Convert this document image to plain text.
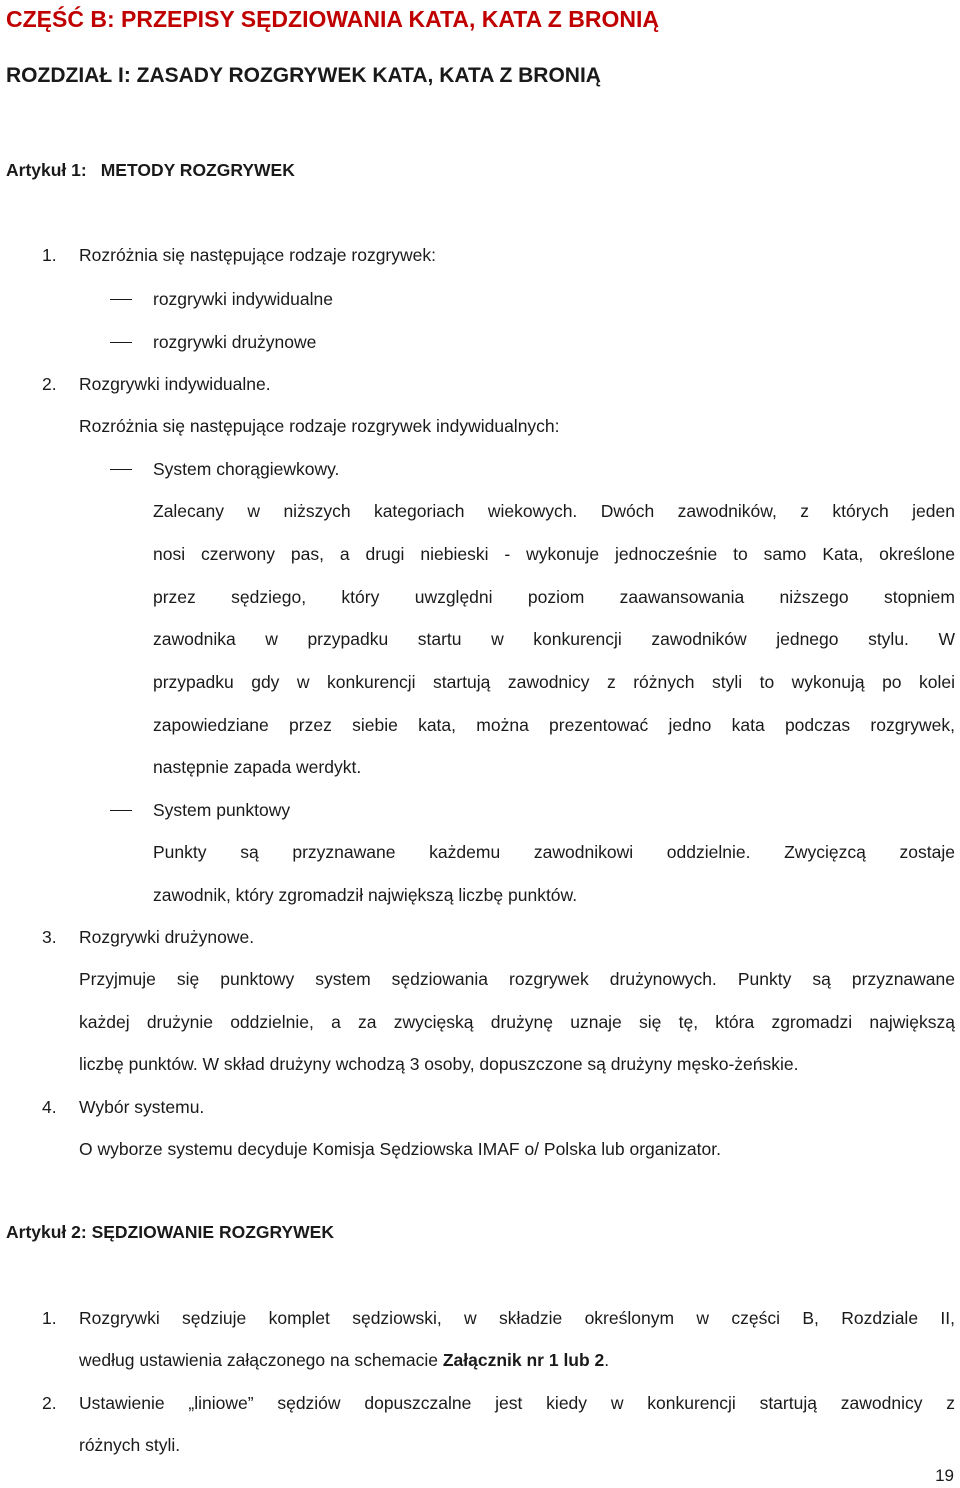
CZĘŚĆ B: PRZEPISY SĘDZIOWANIA KATA, KATA Z BRONIĄ
ROZDZIAŁ I: ZASADY ROZGRYWEK KATA, KATA Z BRONIĄ
Artykuł 1: METODY ROZGRYWEK
1. Rozróżnia się następujące rodzaje rozgrywek:
rozgrywki indywidualne
rozgrywki drużynowe
2. Rozgrywki indywidualne.
Rozróżnia się następujące rodzaje rozgrywek indywidualnych:
System chorągiewkowy.
Zalecany w niższych kategoriach wiekowych. Dwóch zawodników, z których jeden
nosi czerwony pas, a drugi niebieski - wykonuje jednocześnie to samo Kata, określone
przez sędziego, który uwzględni poziom zaawansowania niższego stopniem
zawodnika w przypadku startu w konkurencji zawodników jednego stylu. W
przypadku gdy w konkurencji startują zawodnicy z różnych styli to wykonują po kolei
zapowiedziane przez siebie kata, można prezentować jedno kata podczas rozgrywek,
następnie zapada werdykt.
System punktowy
Punkty są przyznawane każdemu zawodnikowi oddzielnie. Zwycięzcą zostaje
zawodnik, który zgromadził największą liczbę punktów.
3. Rozgrywki drużynowe.
Przyjmuje się punktowy system sędziowania rozgrywek drużynowych. Punkty są przyznawane
każdej drużynie oddzielnie, a za zwycięską drużynę uznaje się tę, która zgromadzi największą
liczbę punktów. W skład drużyny wchodzą 3 osoby, dopuszczone są drużyny męsko-żeńskie.
4. Wybór systemu.
O wyborze systemu decyduje Komisja Sędziowska IMAF o/ Polska lub organizator.
Artykuł 2: SĘDZIOWANIE ROZGRYWEK
1. Rozgrywki sędziuje komplet sędziowski, w składzie określonym w części B, Rozdziale II,
według ustawienia załączonego na schemacie Załącznik nr 1 lub 2.
2. Ustawienie „liniowe” sędziów dopuszczalne jest kiedy w konkurencji startują zawodnicy z
różnych styli.
19
